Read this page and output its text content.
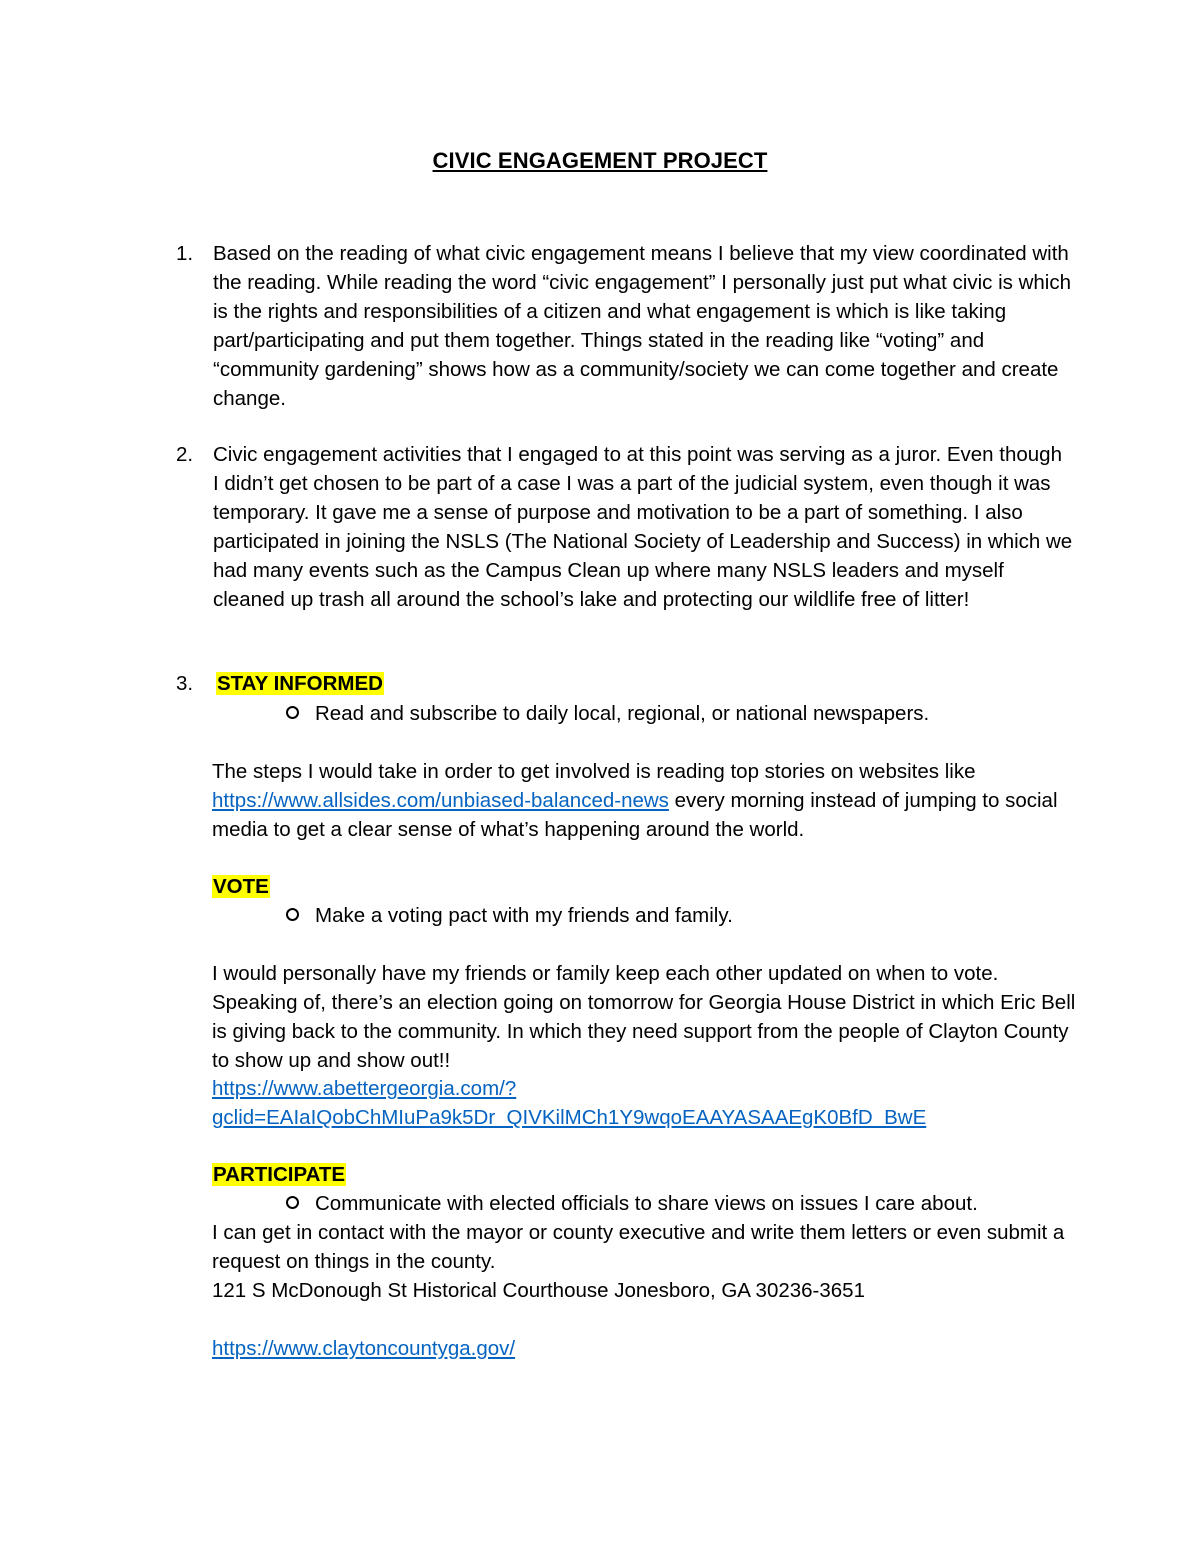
CIVIC ENGAGEMENT PROJECT
1. Based on the reading of what civic engagement means I believe that my view coordinated with the reading. While reading the word “civic engagement” I personally just put what civic is which is the rights and responsibilities of a citizen and what engagement is which is like taking part/participating and put them together. Things stated in the reading like “voting” and “community gardening” shows how as a community/society we can come together and create change.

2. Civic engagement activities that I engaged to at this point was serving as a juror. Even though I didn’t get chosen to be part of a case I was a part of the judicial system, even though it was temporary. It gave me a sense of purpose and motivation to be a part of something. I also participated in joining the NSLS (The National Society of Leadership and Success) in which we had many events such as the Campus Clean up where many NSLS leaders and myself cleaned up trash all around the school’s lake and protecting our wildlife free of litter!

3. STAY INFORMED
Read and subscribe to daily local, regional, or national newspapers.

The steps I would take in order to get involved is reading top stories on websites like https://www.allsides.com/unbiased-balanced-news every morning instead of jumping to social media to get a clear sense of what’s happening around the world.

VOTE
Make a voting pact with my friends and family.

I would personally have my friends or family keep each other updated on when to vote. Speaking of, there’s an election going on tomorrow for Georgia House District in which Eric Bell is giving back to the community. In which they need support from the people of Clayton County to show up and show out!!

https://www.abettergeorgia.com/?
gclid=EAIaIQobChMIuPa9k5Dr_QIVKilMCh1Y9wqoEAAYASAAEgK0BfD_BwE
PARTICIPATE
Communicate with elected officials to share views on issues I care about.

I can get in contact with the mayor or county executive and write them letters or even submit a request on things in the county.

121 S McDonough St Historical Courthouse Jonesboro, GA 30236-3651

https://www.claytoncountyga.gov/
